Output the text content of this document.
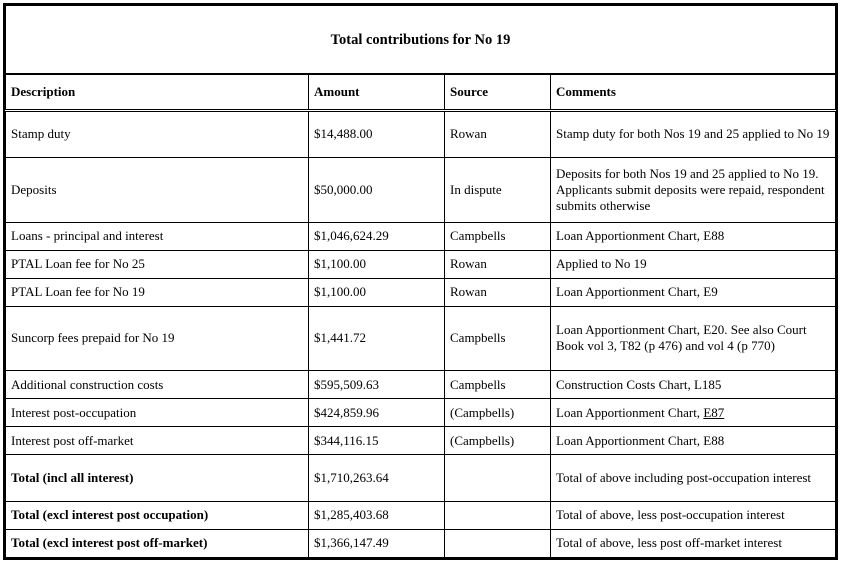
Total contributions for No 19			
Description	Amount	Source	Comments
Stamp duty	$14,488.00	Rowan	Stamp duty for both Nos 19 and 25 applied to No 19
Deposits	$50,000.00	In dispute	Deposits for both Nos 19 and 25 applied to No 19. Applicants submit deposits were repaid, respondent submits otherwise
Loans - principal and interest	$1,046,624.29	Campbells	Loan Apportionment Chart, E88
PTAL Loan fee for No 25	$1,100.00	Rowan	Applied to No 19
PTAL Loan fee for No 19	$1,100.00	Rowan	Loan Apportionment Chart, E9
Suncorp fees prepaid for No 19	$1,441.72	Campbells	Loan Apportionment Chart, E20. See also Court Book vol 3, T82 (p 476) and vol 4 (p 770)
Additional construction costs	$595,509.63	Campbells	Construction Costs Chart, L185
Interest post-occupation	$424,859.96	(Campbells)	Loan Apportionment Chart, E87
Interest post off-market	$344,116.15	(Campbells)	Loan Apportionment Chart, E88
Total (incl all interest)	$1,710,263.64		Total of above including post-occupation interest
Total (excl interest post occupation)	$1,285,403.68		Total of above, less post-occupation interest
Total (excl interest post off-market)	$1,366,147.49		Total of above, less post off-market interest
